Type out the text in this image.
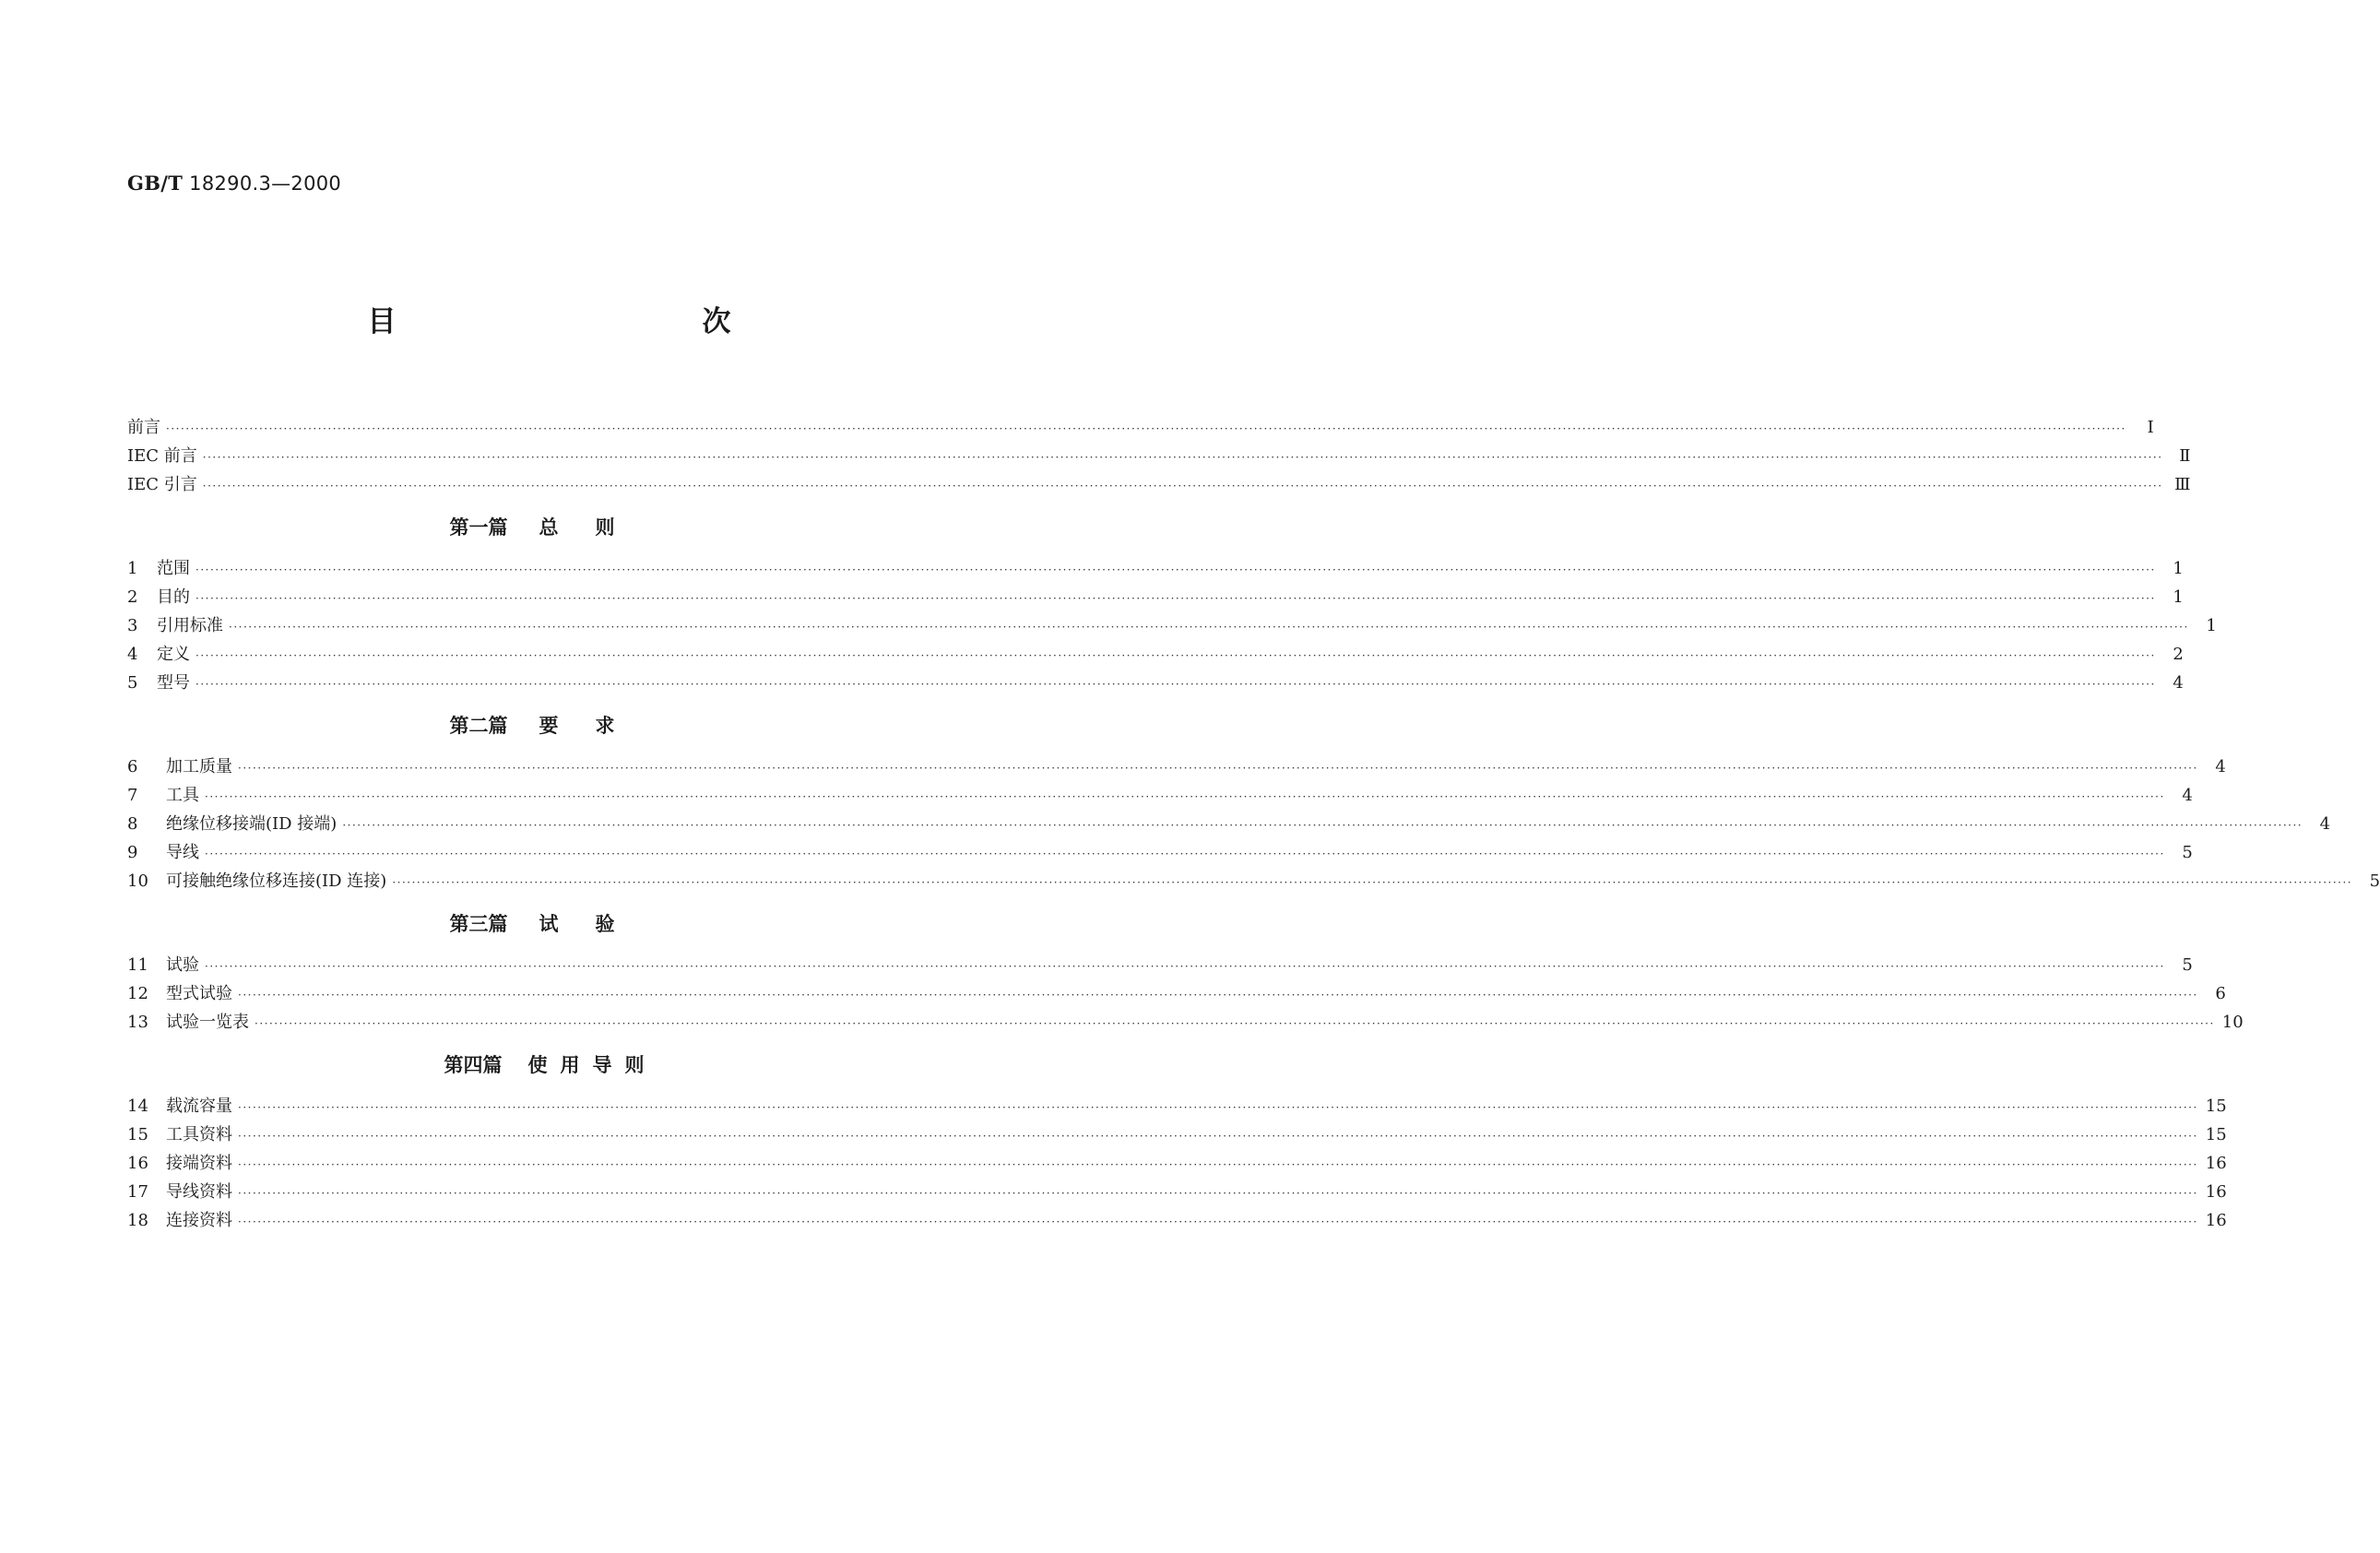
GB/T 18290.3—2000
目　　次
前言 ················································································································································································································································································································································································································	Ⅰ
IEC 前言 ················································································································································································································································································································································································································ Ⅱ
IEC 引言 ················································································································································································································································································································································································································ Ⅲ
第一篇 总则
1 范围 ················································································································································································································································································································································································································	1
2 目的 ················································································································································································································································································································································································································	1
3 引用标准 ················································································································································································································································································································································································································	1
4 定义 ················································································································································································································································································································································································································	2
5 型号 ················································································································································································································································································································································································································	4
第二篇 要求
6 加工质量 ················································································································································································································································································································································································································	4
7 工具 ················································································································································································································································································································································································································	4
8 绝缘位移接端(ID 接端) ················································································································································································································································································································································································································	4
9 导线 ················································································································································································································································································································································································································	5
10 可接触绝缘位移连接(ID 连接) ················································································································································································································································································································································································································	5
第三篇 试验
11 试验 ················································································································································································································································································································································································································	5
12 型式试验 ················································································································································································································································································································································································································	6
13 试验一览表 ················································································································································································································································································································································································································ 10
第四篇 使用导则
14 载流容量 ················································································································································································································································································································································································································ 15
15 工具资料 ················································································································································································································································································································································································································ 15
16 接端资料 ················································································································································································································································································································································································································ 16
17 导线资料 ················································································································································································································································································································································································································ 16
18 连接资料 ················································································································································································································································································································································································································ 16
